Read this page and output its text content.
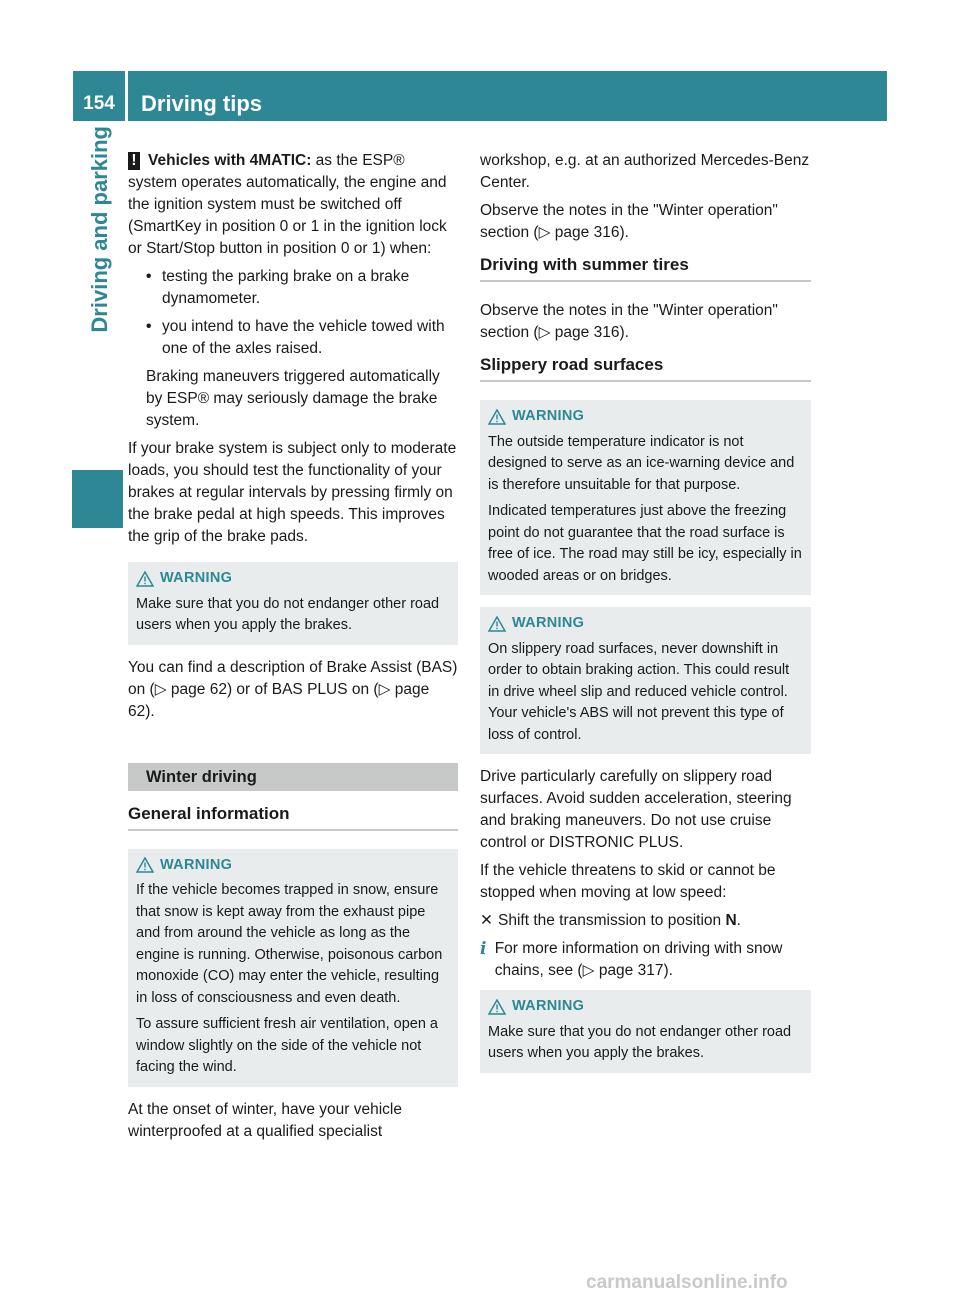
154	Driving tips
Driving and parking ! Vehicles with 4MATIC: as the ESP® system operates automatically, the engine and the ignition system must be switched off (SmartKey in position 0 or 1 in the ignition lock or Start/Stop button in position 0 or 1) when:

• testing the parking brake on a brake dynamometer.
• you intend to have the vehicle towed with one of the axles raised.

Braking maneuvers triggered automatically by ESP® may seriously damage the brake system.

If your brake system is subject only to moderate loads, you should test the functionality of your brakes at regular intervals by pressing firmly on the brake pedal at high speeds. This improves the grip of the brake pads.

WARNING

Make sure that you do not endanger other road users when you apply the brakes.

You can find a description of Brake Assist (BAS) on (▷ page 62) or of BAS PLUS on (▷ page 62).

Winter driving
General information
WARNING

If the vehicle becomes trapped in snow, ensure that snow is kept away from the exhaust pipe and from around the vehicle as long as the engine is running. Otherwise, poisonous carbon monoxide (CO) may enter the vehicle, resulting in loss of consciousness and even death.

To assure sufficient fresh air ventilation, open a window slightly on the side of the vehicle not facing the wind.

At the onset of winter, have your vehicle winterproofed at a qualified specialist

workshop, e.g. at an authorized Mercedes-Benz Center.

Observe the notes in the "Winter operation" section (▷ page 316).

Driving with summer tires

Observe the notes in the "Winter operation" section (▷ page 316).

Slippery road surfaces
WARNING

The outside temperature indicator is not designed to serve as an ice-warning device and is therefore unsuitable for that purpose.

Indicated temperatures just above the freezing point do not guarantee that the road surface is free of ice. The road may still be icy, especially in wooded areas or on bridges.

WARNING

On slippery road surfaces, never downshift in order to obtain braking action. This could result in drive wheel slip and reduced vehicle control. Your vehicle's ABS will not prevent this type of loss of control.

Drive particularly carefully on slippery road surfaces. Avoid sudden acceleration, steering and braking maneuvers. Do not use cruise control or DISTRONIC PLUS.

If the vehicle threatens to skid or cannot be stopped when moving at low speed:

✕ Shift the transmission to position N.
i For more information on driving with snow chains, see (▷ page 317).
WARNING

Make sure that you do not endanger other road users when you apply the brakes.

carmanualsonline.info
